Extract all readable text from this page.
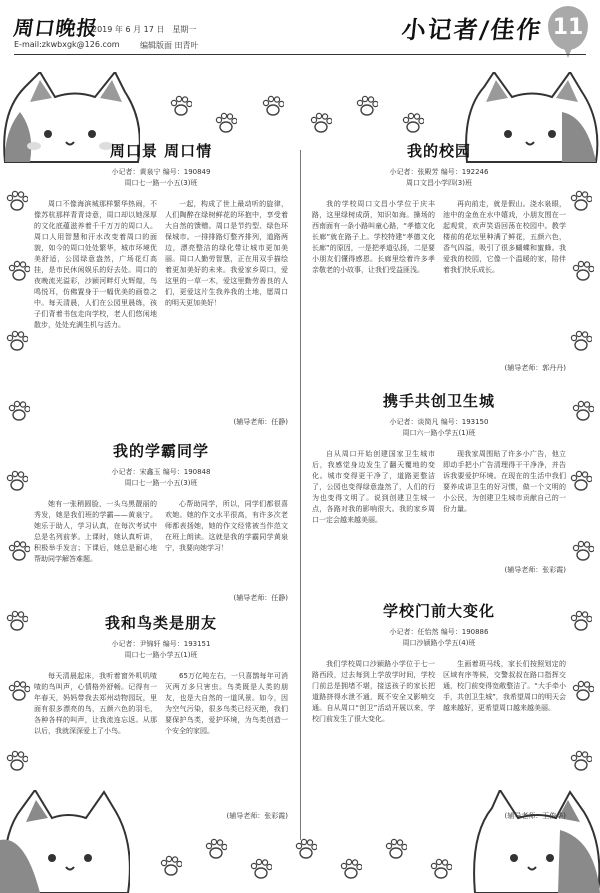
周口晚报
2019 年 6 月 17 日　星期一
E-mail:zkwbxgk@126.com	编辑版面 田青叶
小记者/佳作 11
周口景 周口情
小记者：黄泉宁 编号：190849
周口七一路一小五(3)班

周口不像海滨城那样繁华热闹，不像苏杭那样青青诗意，周口却以她深厚的文化底蕴滋养着千千万万的周口人。周口人用智慧和汗水改变着周口的面貌，如今的周口处处繁华，城市环境优美舒适，公园绿意盎然，广场花灯高挂，是市民休闲娱乐的好去处。周口的夜晚流光溢彩，沙颍河畔灯火辉煌，鸟鸣悦耳，仿佛置身于一幅优美的画卷之中。每天清晨，人们在公园里晨练，孩子们背着书包走向学校，老人们悠闲地散步，处处充满生机与活力。

一起，构成了世上最动听的旋律，人们陶醉在绿树鲜花的环抱中，享受着大自然的馈赠。周口是节约型、绿色环保城市。一排排路灯整齐排列，道路两边，漂亮整洁的绿化带让城市更加美丽。周口人勤劳智慧，正在用双手描绘着更加美好的未来。我爱家乡周口，爱这里的一草一木，爱这里勤劳善良的人们，更爱这片生我养我的土地，愿周口的明天更加美好！

(辅导老师：任静)
我的校园
小记者：张殿芳 编号：192246
周口文昌小学四(3)班

我的学校周口文昌小学位于庆丰路，这里绿树成荫，知识如海。操场的西南面有一条小路叫童心路，“孝德文化长廊”就在路子上。学校特建“孝德文化长廊”的原因，一是把孝道弘扬，二是要小朋友们懂得感恩。长廊里绘着许多孝亲敬老的小故事，让我们受益匪浅。

再向前走，就是假山。浇水泉眼，池中的金鱼在水中嬉戏，小朋友围在一起观赏，欢声笑语回荡在校园中。教学楼前的花坛里种满了鲜花，五颜六色，香气四溢，吸引了很多蝴蝶和蜜蜂。我爱我的校园，它像一个温暖的家，陪伴着我们快乐成长。

(辅导老师：郭丹丹)
我的学霸同学
小记者：宋鑫玉 编号：190848
周口七一路一小五(3)班

她有一张稍圆脸，一头乌黑靓丽的秀发，她是我们班的学霸——黄泉宁。她乐于助人，学习认真，在每次考试中总是名列前茅。上课时，她认真听讲，积极举手发言；下课后，她总是耐心地帮助同学解答难题。

心帮助同学，所以，同学们都很喜欢她。她的作文水平很高，有许多次老师都表扬她，她的作文经常被当作范文在班上朗读。这就是我的学霸同学黄泉宁，我要向她学习！

(辅导老师：任静)
携手共创卫生城
小记者：谈简凡 编号：193150
周口六一路小学五(1)班

自从周口开始创建国家卫生城市后，我感觉身边发生了翻天覆地的变化。城市变得更干净了，道路更整洁了，公园也变得绿意盎然了，人们的行为也变得文明了。说到创建卫生城一点，各路对我的影响很大。我的家乡周口一定会越来越美丽。

现我家周围贴了许多小广告，他立即动手把小广告清理得干干净净，并告诉我要爱护环境。在现在的生活中我们要养成讲卫生的好习惯，做一个文明的小公民，为创建卫生城市贡献自己的一份力量。

(辅导老师：张彩霞)
我和鸟类是朋友
小记者：尹锦轩 编号：193151
周口七一路小学五(1)班

每天清晨起床，我听着窗外叽叽喳喳的鸟叫声，心情格外舒畅。记得有一年春天，妈妈带我去郑州动物园玩，里面有很多漂亮的鸟，五颜六色的羽毛，各种各样的叫声，让我流连忘返。从那以后，我就深深爱上了小鸟。

65万亿吨左右，一只喜鹊每年可消灭两万多只害虫。鸟类既是人类的朋友，也是大自然的一道风景。如今，因为空气污染，很多鸟类已经灭绝，我们要保护鸟类，爱护环境，为鸟类创造一个安全的家园。

(辅导老师：张彩霞)
学校门前大变化
小记者：任怡然 编号：190886
周口沙颍路小学五(4)班

我们学校周口沙颍路小学位于七一路西段，过去每到上学放学时间，学校门前总是拥堵不堪，接送孩子的家长把道路挤得水泄不通，既不安全又影响交通。自从周口“创卫”活动开展以来，学校门前发生了很大变化。

生画着斑马线，家长们按照划定的区域有序等候，交警叔叔在路口指挥交通，校门前变得宽敞整洁了。“大手牵小手，共创卫生城”，我希望周口的明天会越来越好，更希望周口越来越美丽。

(辅导老师：王俊华)
